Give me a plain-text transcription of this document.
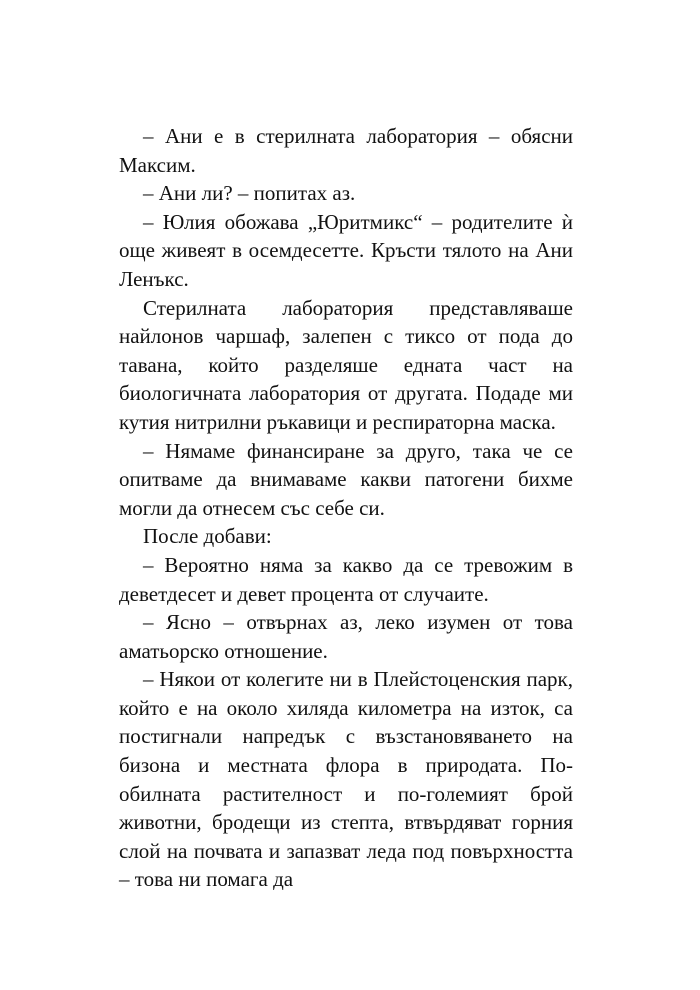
– Ани е в стерилната лаборатория – обясни Максим.

– Ани ли? – попитах аз.

– Юлия обожава „Юритмикс“ – родителите ѝ още живеят в осемдесетте. Кръсти тялото на Ани Ленъкс.

Стерилната лаборатория представляваше найлонов чаршаф, залепен с тиксо от пода до тавана, който разделяше едната част на биологичната лаборатория от другата. Подаде ми кутия нитрилни ръкавици и респираторна маска.

– Нямаме финансиране за друго, така че се опитваме да внимаваме какви патогени бихме могли да отнесем със себе си.

После добави:

– Вероятно няма за какво да се тревожим в деветдесет и девет процента от случаите.

– Ясно – отвърнах аз, леко изумен от това аматьорско отношение.

– Някои от колегите ни в Плейстоценския парк, който е на около хиляда километра на изток, са постигнали напредък с възстановяването на бизона и местната флора в природата. По-обилната растителност и по-големият брой животни, бродещи из степта, втвърдяват горния слой на почвата и запазват леда под повърхността – това ни помага да
